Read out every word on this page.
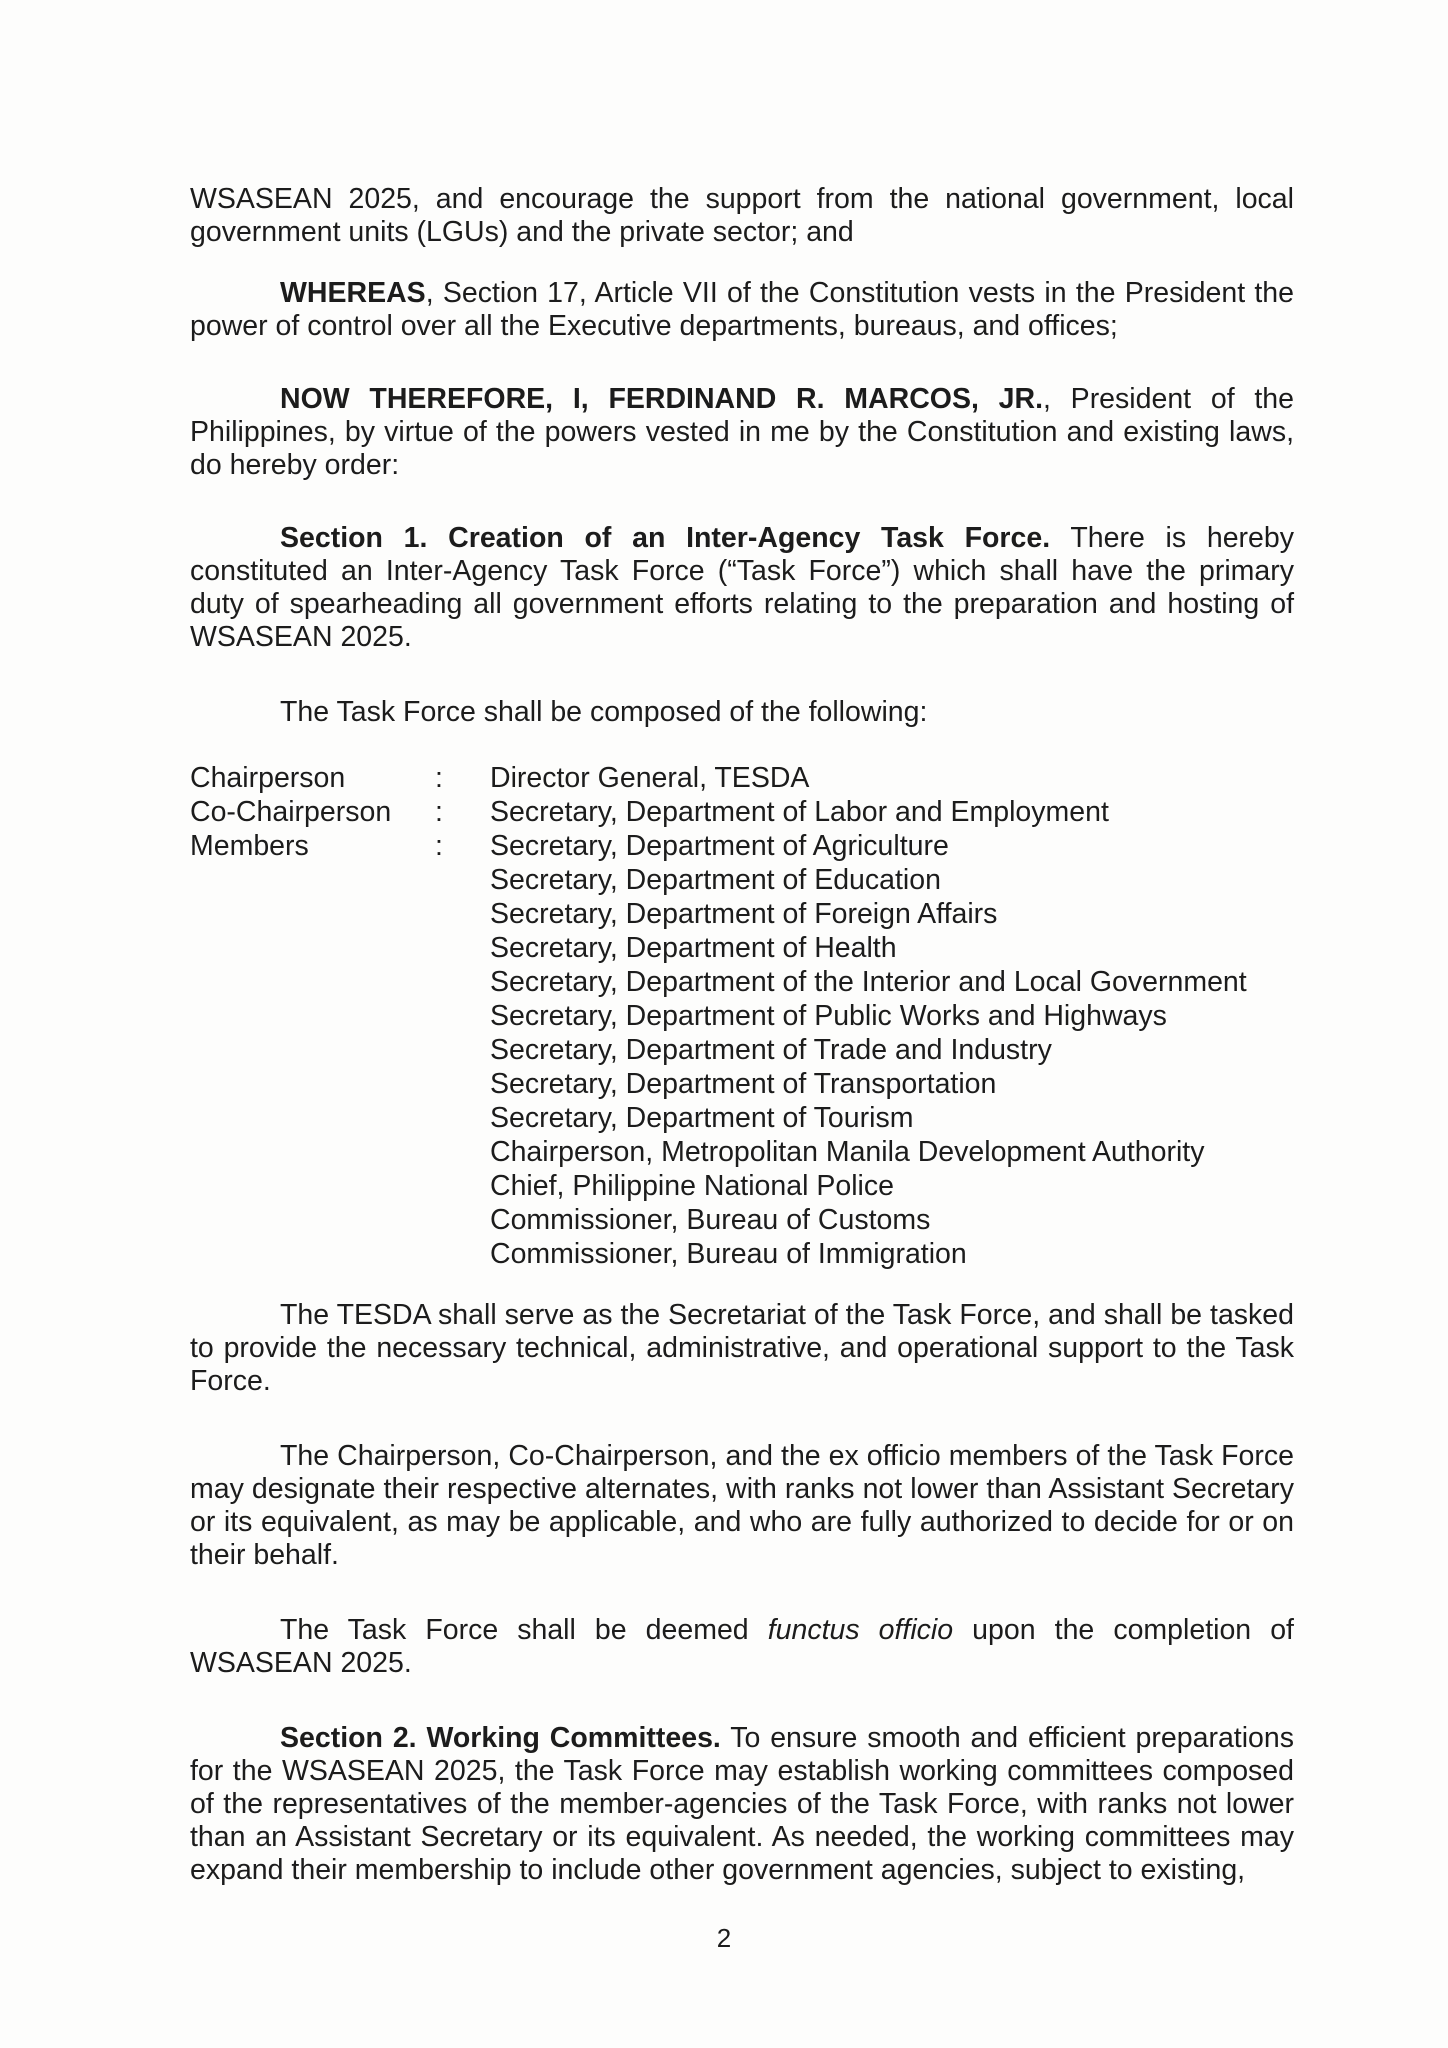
WSASEAN 2025, and encourage the support from the national government, local government units (LGUs) and the private sector; and

WHEREAS, Section 17, Article VII of the Constitution vests in the President the power of control over all the Executive departments, bureaus, and offices;

NOW THEREFORE, I, FERDINAND R. MARCOS, JR., President of the Philippines, by virtue of the powers vested in me by the Constitution and existing laws, do hereby order:

Section 1. Creation of an Inter-Agency Task Force. There is hereby constituted an Inter-Agency Task Force (“Task Force”) which shall have the primary duty of spearheading all government efforts relating to the preparation and hosting of WSASEAN 2025.

The Task Force shall be composed of the following:

Chairperson	:	Director General, TESDA
Co-Chairperson	:	Secretary, Department of Labor and Employment
Members	:	Secretary, Department of Agriculture
Secretary, Department of Education
Secretary, Department of Foreign Affairs
Secretary, Department of Health
Secretary, Department of the Interior and Local Government
Secretary, Department of Public Works and Highways
Secretary, Department of Trade and Industry
Secretary, Department of Transportation
Secretary, Department of Tourism
Chairperson, Metropolitan Manila Development Authority
Chief, Philippine National Police
Commissioner, Bureau of Customs
Commissioner, Bureau of Immigration

The TESDA shall serve as the Secretariat of the Task Force, and shall be tasked to provide the necessary technical, administrative, and operational support to the Task Force.

The Chairperson, Co-Chairperson, and the ex officio members of the Task Force may designate their respective alternates, with ranks not lower than Assistant Secretary or its equivalent, as may be applicable, and who are fully authorized to decide for or on their behalf.

The Task Force shall be deemed functus officio upon the completion of WSASEAN 2025.

Section 2. Working Committees. To ensure smooth and efficient preparations for the WSASEAN 2025, the Task Force may establish working committees composed of the representatives of the member-agencies of the Task Force, with ranks not lower than an Assistant Secretary or its equivalent. As needed, the working committees may expand their membership to include other government agencies, subject to existing,

2
